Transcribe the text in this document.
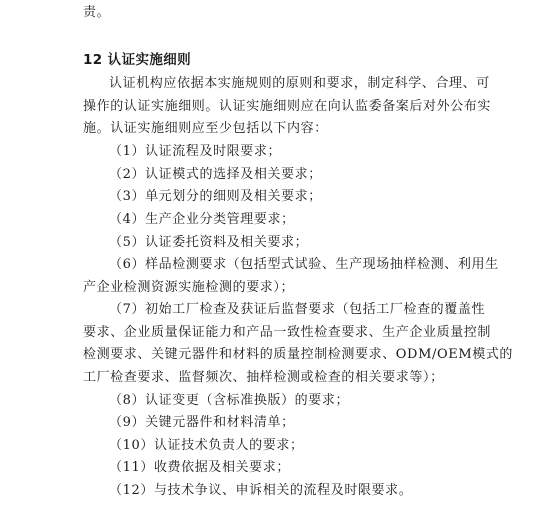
责。
12 认证实施细则
认证机构应依据本实施规则的原则和要求，制定科学、合理、可
操作的认证实施细则。认证实施细则应在向认监委备案后对外公布实
施。认证实施细则应至少包括以下内容：
（1）认证流程及时限要求；
（2）认证模式的选择及相关要求；
（3）单元划分的细则及相关要求；
（4）生产企业分类管理要求；
（5）认证委托资料及相关要求；
（6）样品检测要求（包括型式试验、生产现场抽样检测、利用生
产企业检测资源实施检测的要求）；
（7）初始工厂检查及获证后监督要求（包括工厂检查的覆盖性
要求、企业质量保证能力和产品一致性检查要求、生产企业质量控制
检测要求、关键元器件和材料的质量控制检测要求、ODM/OEM模式的
工厂检查要求、监督频次、抽样检测或检查的相关要求等）；
（8）认证变更（含标准换版）的要求；
（9）关键元器件和材料清单；
（10）认证技术负责人的要求；
（11）收费依据及相关要求；
（12）与技术争议、申诉相关的流程及时限要求。
